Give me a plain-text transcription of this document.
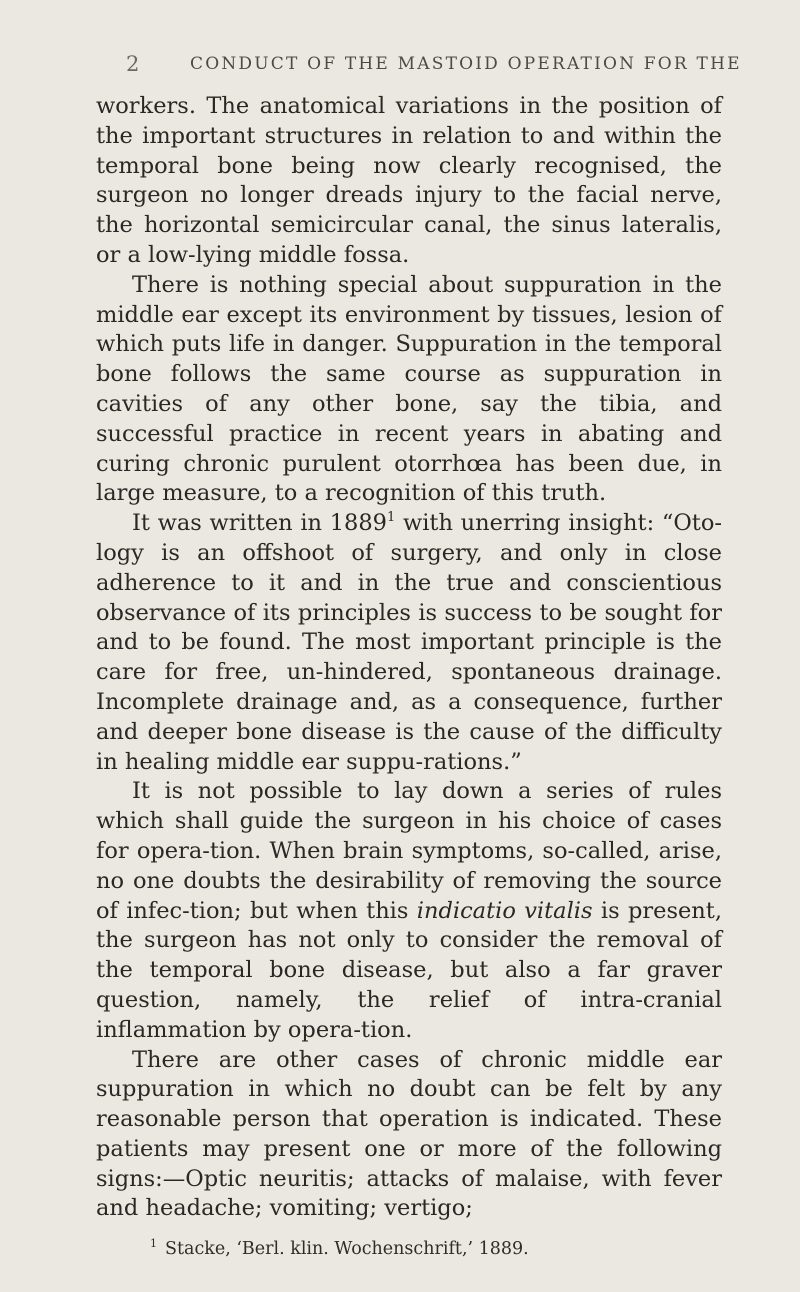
2	CONDUCT OF THE MASTOID OPERATION FOR THE

workers. The anatomical variations in the position of the important structures in relation to and within the temporal bone being now clearly recognised, the surgeon no longer dreads injury to the facial nerve, the horizontal semicircular canal, the sinus lateralis, or a low-lying middle fossa.

There is nothing special about suppuration in the middle ear except its environment by tissues, lesion of which puts life in danger. Suppuration in the temporal bone follows the same course as suppuration in cavities of any other bone, say the tibia, and successful practice in recent years in abating and curing chronic purulent otorrhœa has been due, in large measure, to a recognition of this truth.

It was written in 1889$^1$ with unerring insight: “Oto-logy is an offshoot of surgery, and only in close adherence to it and in the true and conscientious observance of its principles is success to be sought for and to be found. The most important principle is the care for free, un-hindered, spontaneous drainage. Incomplete drainage and, as a consequence, further and deeper bone disease is the cause of the difficulty in healing middle ear suppu-rations.”

It is not possible to lay down a series of rules which shall guide the surgeon in his choice of cases for opera-tion. When brain symptoms, so-called, arise, no one doubts the desirability of removing the source of infec-tion; but when this indicatio vitalis is present, the surgeon has not only to consider the removal of the temporal bone disease, but also a far graver question, namely, the relief of intra-cranial inflammation by opera-tion.

There are other cases of chronic middle ear suppuration in which no doubt can be felt by any reasonable person that operation is indicated. These patients may present one or more of the following signs:—Optic neuritis; attacks of malaise, with fever and headache; vomiting; vertigo;

$^1$ Stacke, ‘Berl. klin. Wochenschrift,’ 1889.
